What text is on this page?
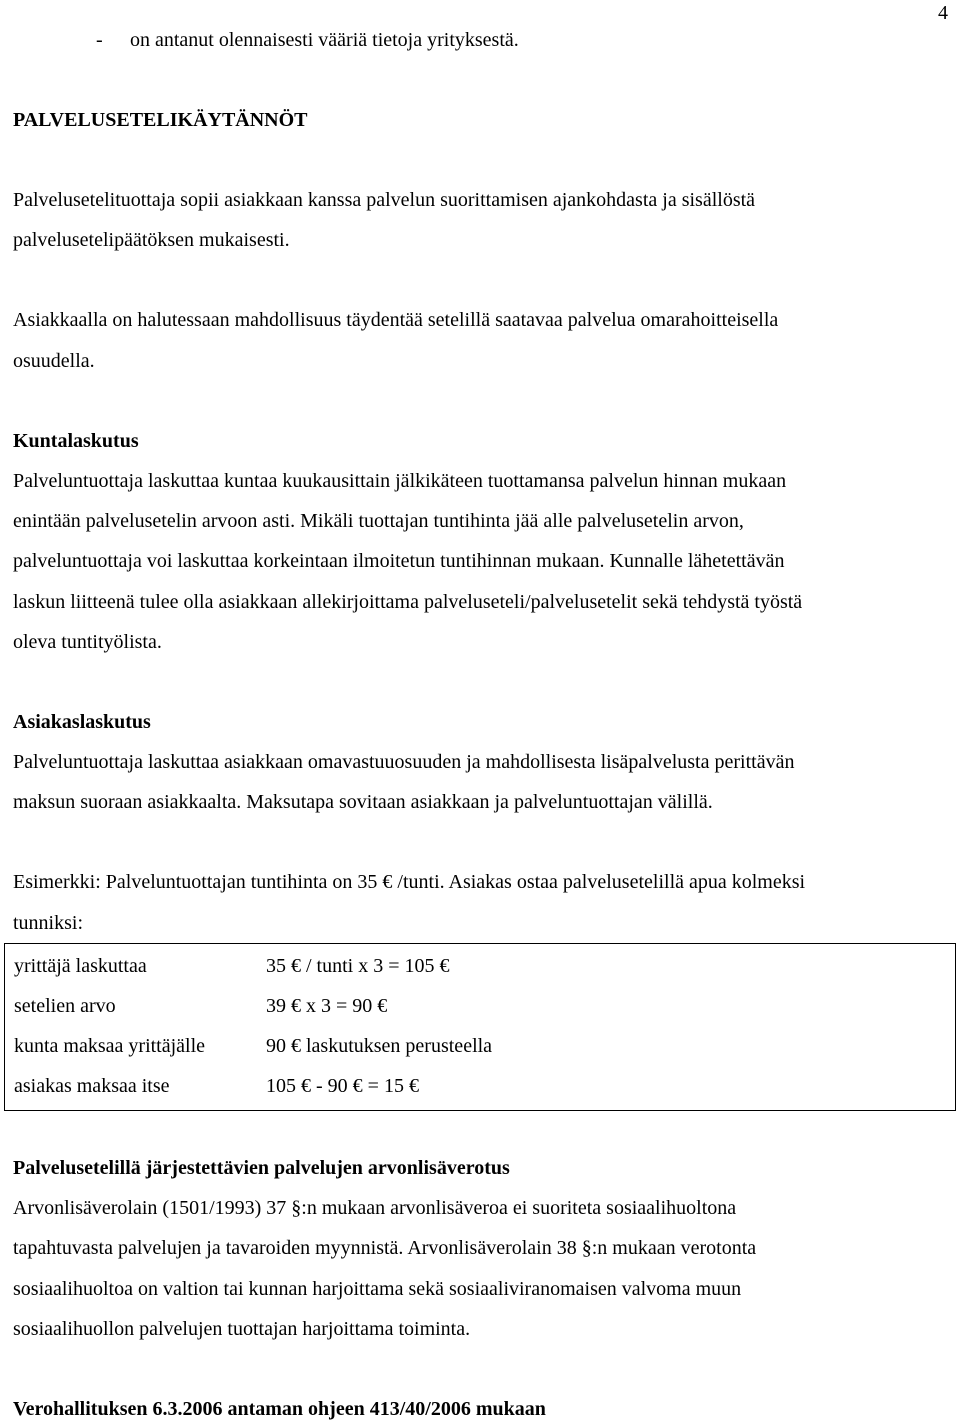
4
- on antanut olennaisesti vääriä tietoja yrityksestä.
PALVELUSETELIKÄYTÄNNÖT
Palvelusetelituottaja sopii asiakkaan kanssa palvelun suorittamisen ajankohdasta ja sisällöstä
palvelusetelipäätöksen mukaisesti.
Asiakkaalla on halutessaan mahdollisuus täydentää setelillä saatavaa palvelua omarahoitteisella
osuudella.
Kuntalaskutus
Palveluntuottaja laskuttaa kuntaa kuukausittain jälkikäteen tuottamansa palvelun hinnan mukaan
enintään palvelusetelin arvoon asti. Mikäli tuottajan tuntihinta jää alle palvelusetelin arvon,
palveluntuottaja voi laskuttaa korkeintaan ilmoitetun tuntihinnan mukaan. Kunnalle lähetettävän
laskun liitteenä tulee olla asiakkaan allekirjoittama palveluseteli/palvelusetelit sekä tehdystä työstä
oleva tuntityölista.
Asiakaslaskutus
Palveluntuottaja laskuttaa asiakkaan omavastuuosuuden ja mahdollisesta lisäpalvelusta perittävän
maksun suoraan asiakkaalta. Maksutapa sovitaan asiakkaan ja palveluntuottajan välillä.
Esimerkki: Palveluntuottajan tuntihinta on 35 € /tunti. Asiakas ostaa palvelusetelillä apua kolmeksi
tunniksi:
yrittäjä laskuttaa	35 € / tunti x 3 = 105 €
setelien arvo	39 € x 3 = 90 €
kunta maksaa yrittäjälle	90 € laskutuksen perusteella
asiakas maksaa itse	105 € - 90 € = 15 €
Palvelusetelillä järjestettävien palvelujen arvonlisäverotus
Arvonlisäverolain (1501/1993) 37 §:n mukaan arvonlisäveroa ei suoriteta sosiaalihuoltona
tapahtuvasta palvelujen ja tavaroiden myynnistä. Arvonlisäverolain 38 §:n mukaan verotonta
sosiaalihuoltoa on valtion tai kunnan harjoittama sekä sosiaaliviranomaisen valvoma muun
sosiaalihuollon palvelujen tuottajan harjoittama toiminta.
Verohallituksen 6.3.2006 antaman ohjeen 413/40/2006 mukaan
